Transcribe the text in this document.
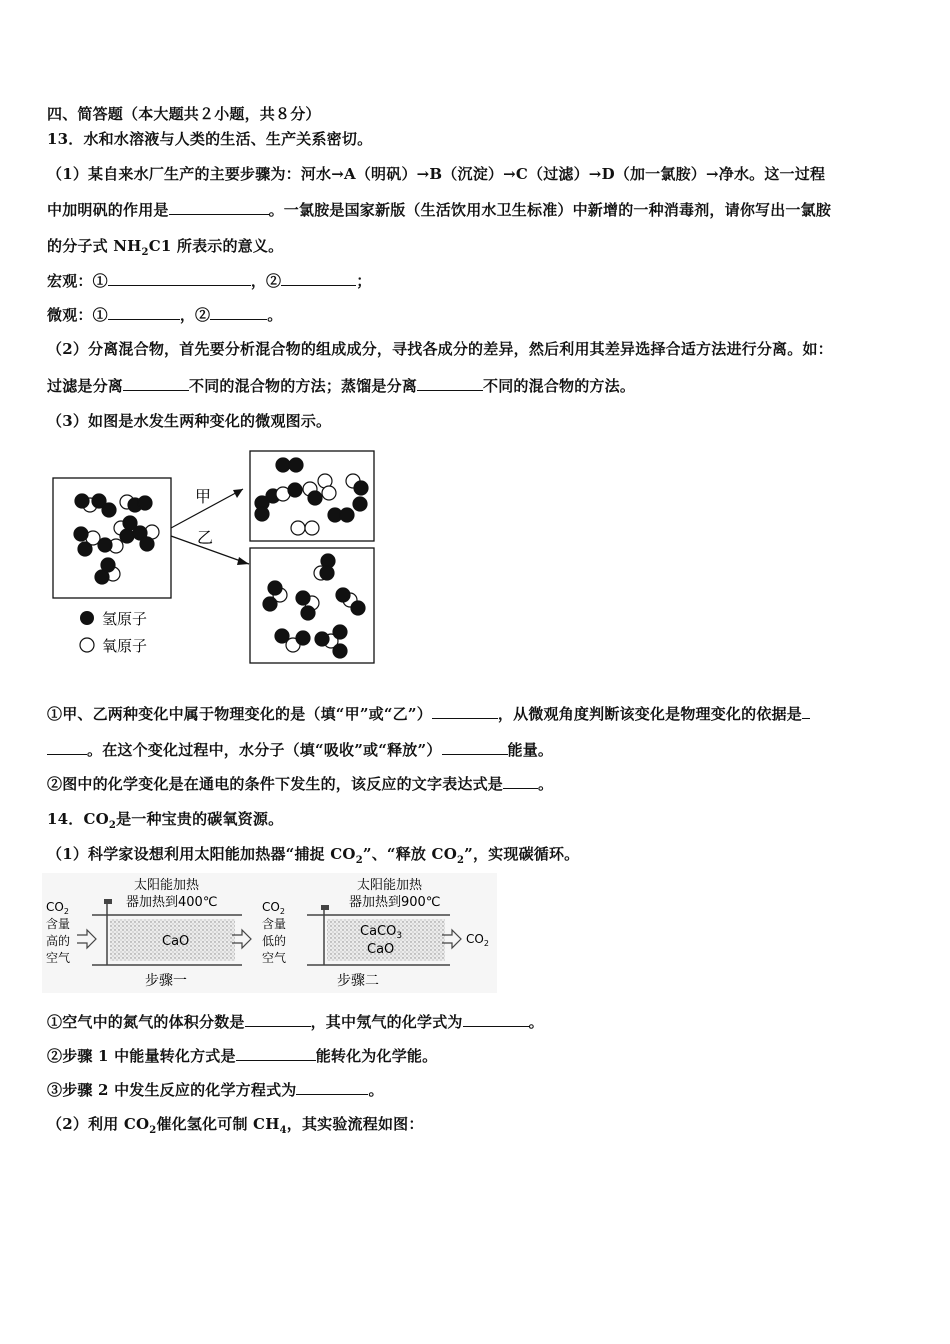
四、简答题（本大题共２小题，共８分）
13．水和水溶液与人类的生活、生产关系密切。
（1）某自来水厂生产的主要步骤为：河水→A（明矾）→B（沉淀）→C（过滤）→D（加一氯胺）→净水。这一过程
中加明矾的作用是	。一氯胺是国家新版（生活饮用水卫生标准）中新增的一种消毒剂，请你写出一氯胺
的分子式 $NH_2C1$ 所表示的意义。
宏观：①	，②	；
微观：①	，②	。
（2）分离混合物，首先要分析混合物的组成成分，寻找各成分的差异，然后利用其差异选择合适方法进行分离。如：
过滤是分离	不同的混合物的方法；蒸馏是分离	不同的混合物的方法。
（3）如图是水发生两种变化的微观图示。
甲
乙
氢原子
氧原子
①甲、乙两种变化中属于物理变化的是（填“甲”或“乙”）	，从微观角度判断该变化是物理变化的依据是
。在这个变化过程中，水分子（填“吸收”或“释放”）	能量。
②图中的化学变化是在通电的条件下发生的，该反应的文字表达式是 。
14．$CO_2$是一种宝贵的碳氧资源。
（1）科学家设想利用太阳能加热器“捕捉 $CO_2$”、“释放 $CO_2$”，实现碳循环。
太阳能加热
器加热到400℃
CaO
$CO_2$
含量
高的
空气
步骤一
太阳能加热
器加热到900℃
CaCO$_3$
CaO
$CO_2$
$CO_2$
含量
低的
空气
步骤二
①空气中的氮气的体积分数是	，其中氖气的化学式为	。
②步骤 1 中能量转化方式是	能转化为化学能。
③步骤 2 中发生反应的化学方程式为	。
（2）利用 $CO_2$催化氢化可制 $CH_4$，其实验流程如图：
